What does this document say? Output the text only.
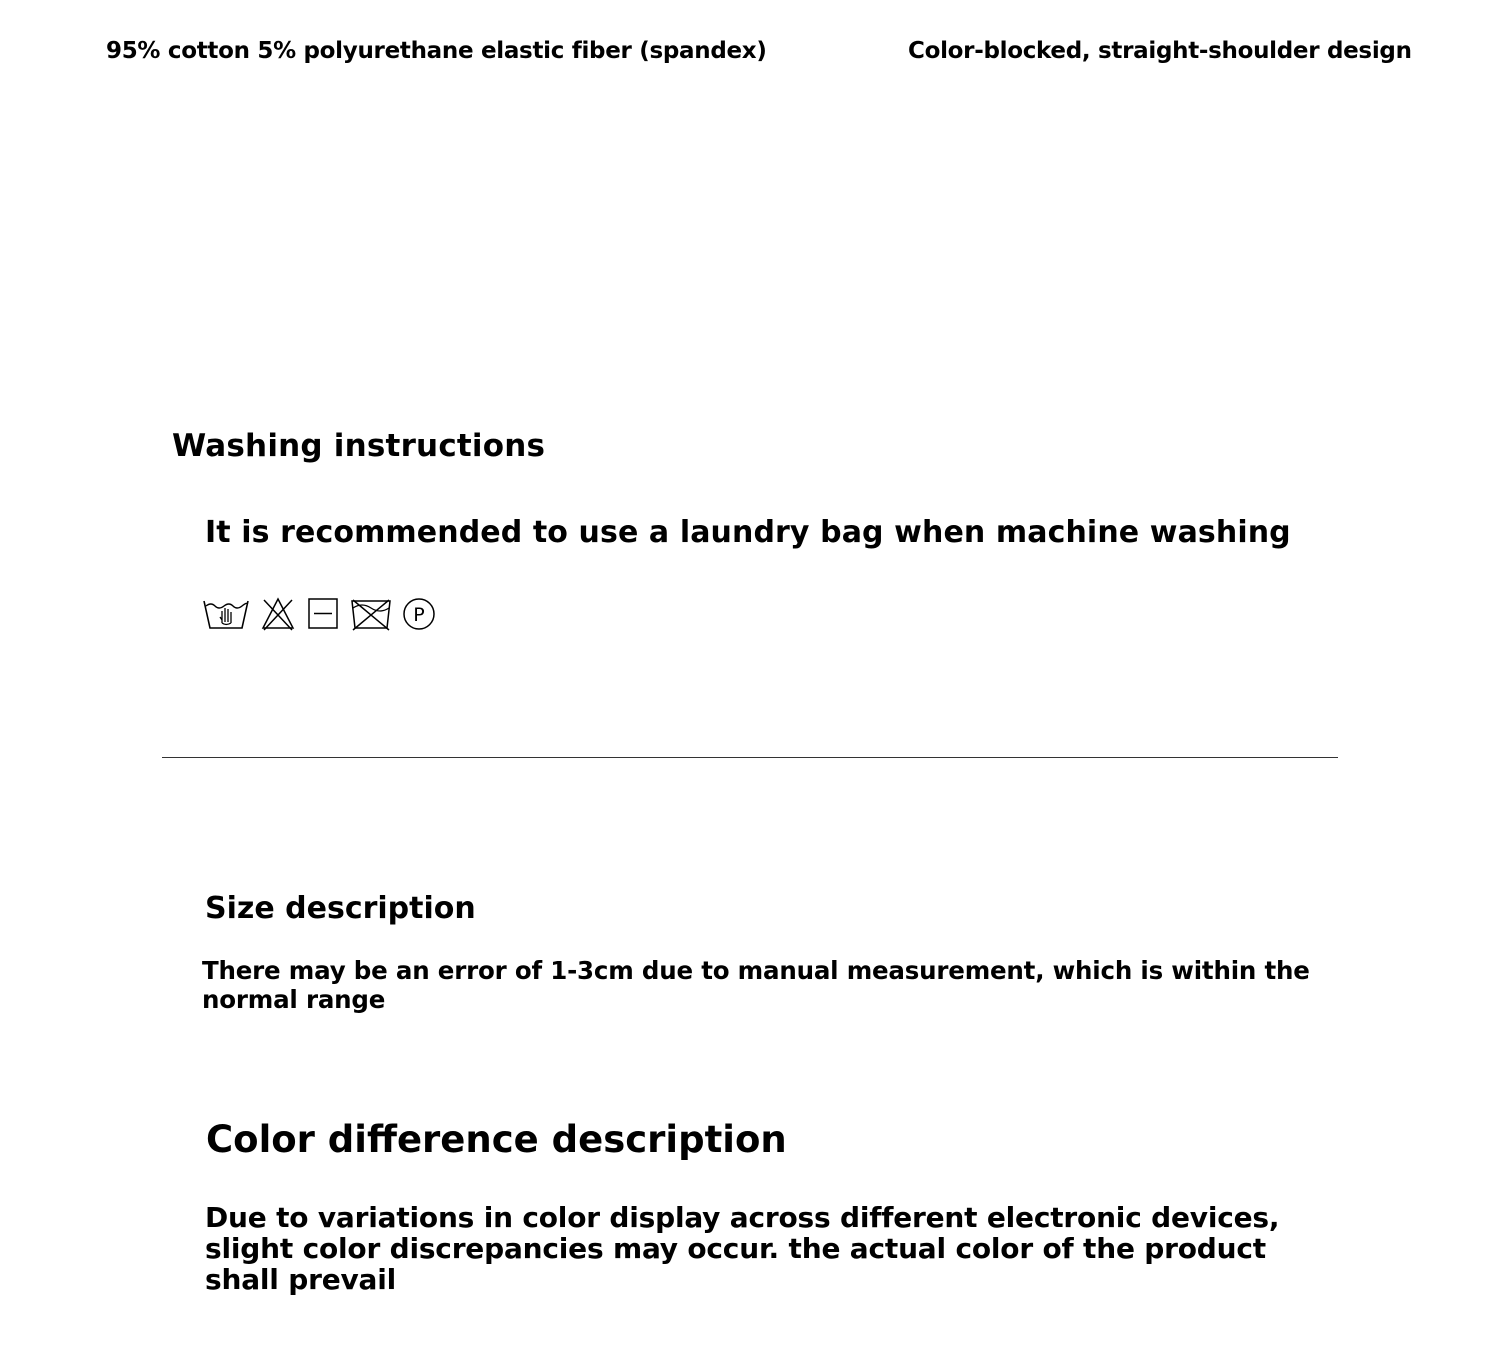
95% cotton 5% polyurethane elastic fiber (spandex)	Color-blocked, straight-shoulder design
Washing instructions
It is recommended to use a laundry bag when machine washing
P
Size description
There may be an error of 1-3cm due to manual measurement, which is within the normal range
Color difference description
Due to variations in color display across different electronic devices, slight color discrepancies may occur. the actual color of the product shall prevail
